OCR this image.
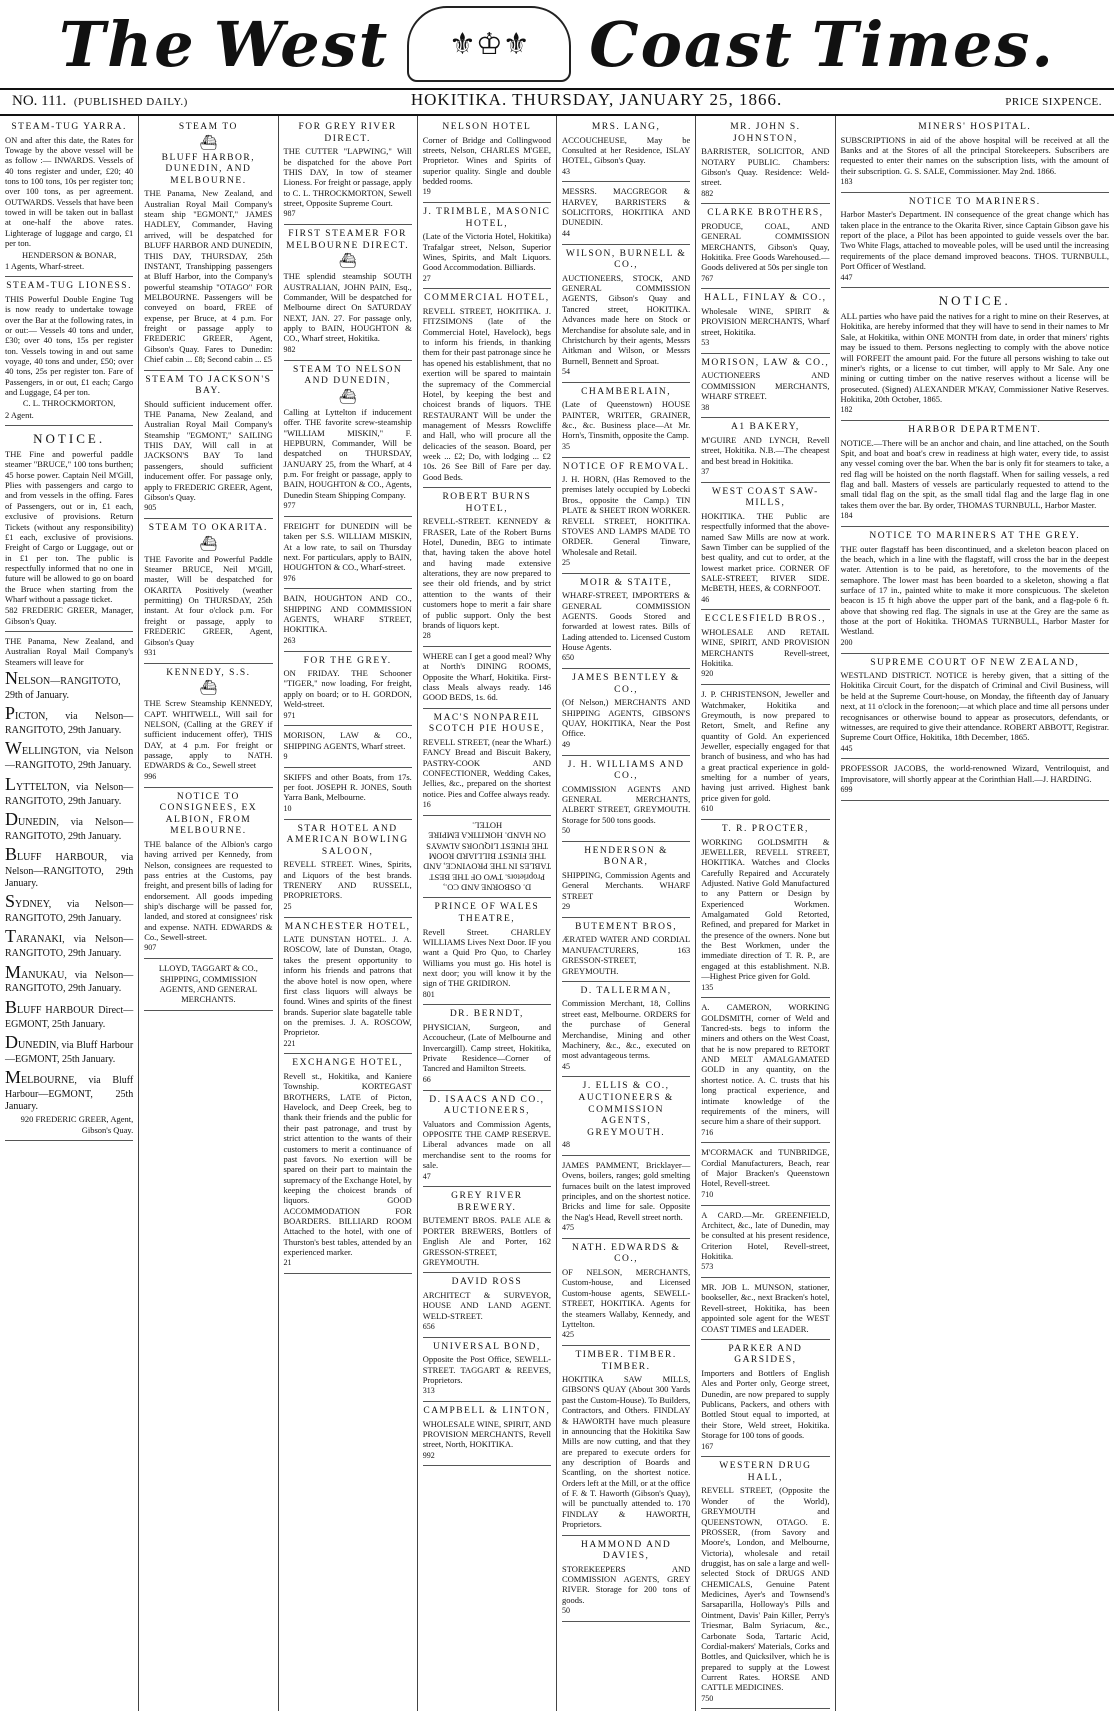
The West	⚜♔⚜ Coast Times.
NO. 111. (PUBLISHED DAILY.)	HOKITIKA. THURSDAY, JANUARY 25, 1866.	PRICE SIXPENCE.
STEAM-TUG YARRA.

ON and after this date, the Rates for Towage by the above vessel will be as follow :— INWARDS. Vessels of 40 tons register and under, £20; 40 tons to 100 tons, 10s per register ton; over 100 tons, as per agreement. OUTWARDS. Vessels that have been towed in will be taken out in ballast at one-half the above rates. Lighterage of luggage and cargo, £1 per ton.

HENDERSON & BONAR,

1 Agents, Wharf-street.

STEAM-TUG LIONESS.

THIS Powerful Double Engine Tug is now ready to undertake towage over the Bar at the following rates, in or out:— Vessels 40 tons and under, £30; over 40 tons, 15s per register ton. Vessels towing in and out same voyage, 40 tons and under, £50; over 40 tons, 25s per register ton. Fare of Passengers, in or out, £1 each; Cargo and Luggage, £4 per ton.

C. L. THROCKMORTON,

2 Agent.

NOTICE.

THE Fine and powerful paddle steamer "BRUCE," 100 tons burthen; 45 horse power. Captain Neil M'Gill, Plies with passengers and cargo to and from vessels in the offing. Fares of Passengers, out or in, £1 each, exclusive of provisions. Return Tickets (without any responsibility) £1 each, exclusive of provisions. Freight of Cargo or Luggage, out or in £1 per ton. The public is respectfully informed that no one in future will be allowed to go on board the Bruce when starting from the Wharf without a passage ticket.

582 FREDERIC GREER, Manager, Gibson's Quay.

THE Panama, New Zealand, and Australian Royal Mail Company's Steamers will leave for

NELSON—RANGITOTO, 29th of January.

PICTON, via Nelson—RANGITOTO, 29th January.

WELLINGTON, via Nelson—RANGITOTO, 29th January.

LYTTELTON, via Nelson—RANGITOTO, 29th January.

DUNEDIN, via Nelson—RANGITOTO, 29th January.

BLUFF HARBOUR, via Nelson—RANGITOTO, 29th January.

SYDNEY, via Nelson—RANGITOTO, 29th January.

TARANAKI, via Nelson—RANGITOTO, 29th January.

MANUKAU, via Nelson—RANGITOTO, 29th January.

BLUFF HARBOUR Direct—EGMONT, 25th January.

DUNEDIN, via Bluff Harbour—EGMONT, 25th January.

MELBOURNE, via Bluff Harbour—EGMONT, 25th January.

920 FREDERIC GREER, Agent, Gibson's Quay.

STEAM TO
⛴
BLUFF HARBOR, DUNEDIN, AND MELBOURNE.

THE Panama, New Zealand, and Australian Royal Mail Company's steam ship "EGMONT," JAMES HADLEY, Commander, Having arrived, will be despatched for BLUFF HARBOR AND DUNEDIN, THIS DAY, THURSDAY, 25th INSTANT, Transhipping passengers at Bluff Harbor, into the Company's powerful steamship "OTAGO" FOR MELBOURNE. Passengers will be conveyed on board, FREE of expense, per Bruce, at 4 p.m. For freight or passage apply to FREDERIC GREER, Agent, Gibson's Quay. Fares to Dunedin: Chief cabin ... £8; Second cabin ... £5

STEAM TO JACKSON'S BAY.

Should sufficient inducement offer. THE Panama, New Zealand, and Australian Royal Mail Company's Steamship "EGMONT," SAILING THIS DAY, Will call in at JACKSON'S BAY To land passengers, should sufficient inducement offer. For passage only, apply to FREDERIC GREER, Agent, Gibson's Quay.

905

STEAM TO OKARITA.
⛴

THE Favorite and Powerful Paddle Steamer BRUCE, Neil M'Gill, master, Will be despatched for OKARITA Positively (weather permitting) On THURSDAY, 25th instant. At four o'clock p.m. For freight or passage, apply to FREDERIC GREER, Agent, Gibson's Quay

931

KENNEDY, S.S.
⛴

THE Screw Steamship KENNEDY, CAPT. WHITWELL, Will sail for NELSON, (Calling at the GREY if sufficient inducement offer), THIS DAY, at 4 p.m. For freight or passage, apply to NATH. EDWARDS & Co., Sewell street

996

NOTICE TO CONSIGNEES, EX ALBION, FROM MELBOURNE.

THE balance of the Albion's cargo having arrived per Kennedy, from Nelson, consignees are requested to pass entries at the Customs, pay freight, and present bills of lading for endorsement. All goods impeding ship's discharge will be passed for, landed, and stored at consignees' risk and expense. NATH. EDWARDS & Co., Sewell-street.

907

LLOYD, TAGGART & CO., SHIPPING, COMMISSION AGENTS, AND GENERAL MERCHANTS.

FOR GREY RIVER DIRECT.

THE CUTTER "LAPWING," Will be dispatched for the above Port THIS DAY, In tow of steamer Lioness. For freight or passage, apply to C. L. THROCKMORTON, Sewell street, Opposite Supreme Court.

987

FIRST STEAMER FOR MELBOURNE DIRECT.
⛴

THE splendid steamship SOUTH AUSTRALIAN, JOHN PAIN, Esq., Commander, Will be despatched for Melbourne direct On SATURDAY NEXT, JAN. 27. For passage only, apply to BAIN, HOUGHTON & CO., Wharf street, Hokitika.

982

STEAM TO NELSON AND DUNEDIN,
⛴

Calling at Lyttelton if inducement offer. THE favorite screw-steamship "WILLIAM MISKIN," F. HEPBURN, Commander, Will be despatched on THURSDAY, JANUARY 25, from the Wharf, at 4 p.m. For freight or passage, apply to BAIN, HOUGHTON & CO., Agents, Dunedin Steam Shipping Company.

977

FREIGHT for DUNEDIN will be taken per S.S. WILLIAM MISKIN, At a low rate, to sail on Thursday next. For particulars, apply to BAIN, HOUGHTON & CO., Wharf-street.

976

BAIN, HOUGHTON AND CO., SHIPPING AND COMMISSION AGENTS, WHARF STREET, HOKITIKA.

263

FOR THE GREY.

ON FRIDAY. THE Schooner "TIGER," now loading, For freight, apply on board; or to H. GORDON, Weld-street.

971

MORISON, LAW & CO., SHIPPING AGENTS, Wharf street.

9

SKIFFS and other Boats, from 17s. per foot. JOSEPH R. JONES, South Yarra Bank, Melbourne.

10

STAR HOTEL AND AMERICAN BOWLING SALOON,

REVELL STREET. Wines, Spirits, and Liquors of the best brands. TRENERY AND RUSSELL, PROPRIETORS.

25

MANCHESTER HOTEL,

LATE DUNSTAN HOTEL. J. A. ROSCOW, late of Dunstan, Otago, takes the present opportunity to inform his friends and patrons that the above hotel is now open, where first class liquors will always be found. Wines and spirits of the finest brands. Superior slate bagatelle table on the premises. J. A. ROSCOW, Proprietor.

221

EXCHANGE HOTEL,

Revell st., Hokitika, and Kaniere Township. KORTEGAST BROTHERS, LATE of Picton, Havelock, and Deep Creek, beg to thank their friends and the public for their past patronage, and trust by strict attention to the wants of their customers to merit a continuance of past favors. No exertion will be spared on their part to maintain the supremacy of the Exchange Hotel, by keeping the choicest brands of liquors. GOOD ACCOMMODATION FOR BOARDERS. BILLIARD ROOM Attached to the hotel, with one of Thurston's best tables, attended by an experienced marker.

21

NELSON HOTEL

Corner of Bridge and Collingwood streets, Nelson, CHARLES M'GEE, Proprietor. Wines and Spirits of superior quality. Single and double bedded rooms.

19

J. TRIMBLE, MASONIC HOTEL,

(Late of the Victoria Hotel, Hokitika) Trafalgar street, Nelson, Superior Wines, Spirits, and Malt Liquors. Good Accommodation. Billiards.

27

COMMERCIAL HOTEL,

REVELL STREET, HOKITIKA. J. FITZSIMONS (late of the Commercial Hotel, Havelock), begs to inform his friends, in thanking them for their past patronage since he has opened his establishment, that no exertion will be spared to maintain the supremacy of the Commercial Hotel, by keeping the best and choicest brands of liquors. THE RESTAURANT Will be under the management of Messrs Rowcliffe and Hall, who will procure all the delicacies of the season. Board, per week ... £2; Do, with lodging ... £2 10s. 26 See Bill of Fare per day. Good Beds.

ROBERT BURNS HOTEL,

REVELL-STREET. KENNEDY & FRASER, Late of the Robert Burns Hotel, Dunedin, BEG to intimate that, having taken the above hotel and having made extensive alterations, they are now prepared to see their old friends, and by strict attention to the wants of their customers hope to merit a fair share of public support. Only the best brands of liquors kept.

28

WHERE can I get a good meal? Why at North's DINING ROOMS, Opposite the Wharf, Hokitika. First-class Meals always ready. 146 GOOD BEDS, 1s. 6d.

MAC'S NONPAREIL SCOTCH PIE HOUSE,

REVELL STREET, (near the Wharf.) FANCY Bread and Biscuit Bakery, PASTRY-COOK AND CONFECTIONER, Wedding Cakes, Jellies, &c., prepared on the shortest notice. Pies and Coffee always ready.

16

D. OSBORNE AND CO., Proprietors. TWO OF THE BEST TABLES IN THE PROVINCE, AND THE FINEST BILLIARD ROOM THE FINEST LIQUORS ALWAYS ON HAND. HOKITIKA EMPIRE HOTEL.

PRINCE OF WALES THEATRE,

Revell Street. CHARLEY WILLIAMS Lives Next Door. IF you want a Quid Pro Quo, to Charley Williams you must go. His hotel is next door; you will know it by the sign of THE GRIDIRON.

801

DR. BERNDT,

PHYSICIAN, Surgeon, and Accoucheur, (Late of Melbourne and Invercargill). Camp street, Hokitika, Private Residence—Corner of Tancred and Hamilton Streets.

66

D. ISAACS AND CO., AUCTIONEERS,

Valuators and Commission Agents, OPPOSITE THE CAMP RESERVE. Liberal advances made on all merchandise sent to the rooms for sale.

47

GREY RIVER BREWERY.

BUTEMENT BROS. PALE ALE & PORTER BREWERS, Bottlers of English Ale and Porter, 162 GRESSON-STREET, GREYMOUTH.

DAVID ROSS

ARCHITECT & SURVEYOR, HOUSE AND LAND AGENT. WELD-STREET.

656

UNIVERSAL BOND,

Opposite the Post Office, SEWELL-STREET. TAGGART & REEVES, Proprietors.

313

CAMPBELL & LINTON,

WHOLESALE WINE, SPIRIT, AND PROVISION MERCHANTS, Revell street, North, HOKITIKA.

992

MRS. LANG,

ACCOUCHEUSE, May be Consulted at her Residence, ISLAY HOTEL, Gibson's Quay.

43

MESSRS. MACGREGOR & HARVEY, BARRISTERS & SOLICITORS, HOKITIKA AND DUNEDIN.

44

WILSON, BURNELL & CO.,

AUCTIONEERS, STOCK, AND GENERAL COMMISSION AGENTS, Gibson's Quay and Tancred street, HOKITIKA. Advances made here on Stock or Merchandise for absolute sale, and in Christchurch by their agents, Messrs Aitkman and Wilson, or Messrs Burnell, Bennett and Sproat.

54

CHAMBERLAIN,

(Late of Queenstown) HOUSE PAINTER, WRITER, GRAINER, &c., &c. Business place—At Mr. Horn's, Tinsmith, opposite the Camp.

35

NOTICE OF REMOVAL.

J. H. HORN, (Has Removed to the premises lately occupied by Lobecki Bros., opposite the Camp.) TIN PLATE & SHEET IRON WORKER. REVELL STREET, HOKITIKA. STOVES AND LAMPS MADE TO ORDER. General Tinware, Wholesale and Retail.

25

MOIR & STAITE,

WHARF-STREET, IMPORTERS & GENERAL COMMISSION AGENTS. Goods Stored and forwarded at lowest rates. Bills of Lading attended to. Licensed Custom House Agents.

650

JAMES BENTLEY & CO.,

(Of Nelson,) MERCHANTS AND SHIPPING AGENTS, GIBSON'S QUAY, HOKITIKA, Near the Post Office.

49

J. H. WILLIAMS AND CO.,

COMMISSION AGENTS AND GENERAL MERCHANTS, ALBERT STREET, GREYMOUTH. Storage for 500 tons goods.

50

HENDERSON & BONAR,

SHIPPING, Commission Agents and General Merchants. WHARF STREET

29

BUTEMENT BROS,

ÆRATED WATER AND CORDIAL MANUFACTURERS, 163 GRESSON-STREET, GREYMOUTH.

D. TALLERMAN,

Commission Merchant, 18, Collins street east, Melbourne. ORDERS for the purchase of General Merchandise, Mining and other Machinery, &c., &c., executed on most advantageous terms.

45

J. ELLIS & CO., AUCTIONEERS & COMMISSION AGENTS, GREYMOUTH.

48

JAMES PAMMENT, Bricklayer—Ovens, boilers, ranges; gold smelting furnaces built on the latest improved principles, and on the shortest notice. Bricks and lime for sale. Opposite the Nag's Head, Revell street north.

475

NATH. EDWARDS & CO.,

OF NELSON, MERCHANTS, Custom-house, and Licensed Custom-house agents, SEWELL-STREET, HOKITIKA. Agents for the steamers Wallaby, Kennedy, and Lyttelton.

425

TIMBER. TIMBER. TIMBER.

HOKITIKA SAW MILLS, GIBSON'S QUAY (About 300 Yards past the Custom-House). To Builders, Contractors, and Others. FINDLAY & HAWORTH have much pleasure in announcing that the Hokitika Saw Mills are now cutting, and that they are prepared to execute orders for any description of Boards and Scantling, on the shortest notice. Orders left at the Mill, or at the office of F. & T. Haworth (Gibson's Quay), will be punctually attended to. 170 FINDLAY & HAWORTH, Proprietors.

HAMMOND AND DAVIES,

STOREKEEPERS AND COMMISSION AGENTS, GREY RIVER. Storage for 200 tons of goods.

50

MR. JOHN S. JOHNSTON,

BARRISTER, SOLICITOR, AND NOTARY PUBLIC. Chambers: Gibson's Quay. Residence: Weld-street.

882

CLARKE BROTHERS,

PRODUCE, COAL, AND GENERAL COMMISSION MERCHANTS, Gibson's Quay, Hokitika. Free Goods Warehoused.—Goods delivered at 50s per single ton

767

HALL, FINLAY & CO.,

Wholesale WINE, SPIRIT & PROVISION MERCHANTS, Wharf street, Hokitika.

53

MORISON, LAW & CO.,

AUCTIONEERS AND COMMISSION MERCHANTS, WHARF STREET.

38

A1 BAKERY,

M'GUIRE AND LYNCH, Revell street, Hokitika. N.B.—The cheapest and best bread in Hokitika.

37

WEST COAST SAW-MILLS,

HOKITIKA. THE Public are respectfully informed that the above-named Saw Mills are now at work. Sawn Timber can be supplied of the best quality, and cut to order, at the lowest market price. CORNER OF SALE-STREET, RIVER SIDE. McBETH, HEES, & CORNFOOT.

46

ECCLESFIELD BROS.,

WHOLESALE AND RETAIL WINE, SPIRIT, AND PROVISION MERCHANTS Revell-street, Hokitika.

920

J. P. CHRISTENSON, Jeweller and Watchmaker, Hokitika and Greymouth, is now prepared to Retort, Smelt, and Refine any quantity of Gold. An experienced Jeweller, especially engaged for that branch of business, and who has had a great practical experience in gold-smelting for a number of years, having just arrived. Highest bank price given for gold.

610

T. R. PROCTER,

WORKING GOLDSMITH & JEWELLER, REVELL STREET, HOKITIKA. Watches and Clocks Carefully Repaired and Accurately Adjusted. Native Gold Manufactured to any Pattern or Design by Experienced Workmen. Amalgamated Gold Retorted, Refined, and prepared for Market in the presence of the owners. None but the Best Workmen, under the immediate direction of T. R. P., are engaged at this establishment. N.B.—Highest Price given for Gold.

135

A. CAMERON, WORKING GOLDSMITH, corner of Weld and Tancred-sts. begs to inform the miners and others on the West Coast, that he is now prepared to RETORT AND MELT AMALGAMATED GOLD in any quantity, on the shortest notice. A. C. trusts that his long practical experience, and intimate knowledge of the requirements of the miners, will secure him a share of their support.

716

M'CORMACK and TUNBRIDGE, Cordial Manufacturers, Beach, rear of Major Bracken's Queenstown Hotel, Revell-street.

710

A CARD.—Mr. GREENFIELD, Architect, &c., late of Dunedin, may be consulted at his present residence, Criterion Hotel, Revell-street, Hokitika.

573

MR. JOB L. MUNSON, stationer, bookseller, &c., next Bracken's hotel, Revell-street, Hokitika, has been appointed sole agent for the WEST COAST TIMES and LEADER.

PARKER AND GARSIDES,

Importers and Bottlers of English Ales and Porter only, George street, Dunedin, are now prepared to supply Publicans, Packers, and others with Bottled Stout equal to imported, at their Store, Weld street, Hokitika. Storage for 100 tons of goods.

167

WESTERN DRUG HALL,

REVELL STREET, (Opposite the Wonder of the World), GREYMOUTH and QUEENSTOWN, OTAGO. E. PROSSER, (from Savory and Moore's, London, and Melbourne, Victoria), wholesale and retail druggist, has on sale a large and well-selected Stock of DRUGS AND CHEMICALS, Genuine Patent Medicines, Ayer's and Townsend's Sarsaparilla, Holloway's Pills and Ointment, Davis' Pain Killer, Perry's Triesmar, Balm Syriacum, &c., Carbonate Soda, Tartaric Acid, Cordial-makers' Materials, Corks and Bottles, and Quicksilver, which he is prepared to supply at the Lowest Current Rates. HORSE AND CATTLE MEDICINES.

750

MINERS' HOSPITAL.

SUBSCRIPTIONS in aid of the above hospital will be received at all the Banks and at the Stores of all the principal Storekeepers. Subscribers are requested to enter their names on the subscription lists, with the amount of their subscription. G. S. SALE, Commissioner. May 2nd. 1866.

183

NOTICE TO MARINERS.

Harbor Master's Department. IN consequence of the great change which has taken place in the entrance to the Okarita River, since Captain Gibson gave his report of the place, a Pilot has been appointed to guide vessels over the bar. Two White Flags, attached to moveable poles, will be used until the increasing requirements of the place demand improved beacons. THOS. TURNBULL, Port Officer of Westland.

447

NOTICE.

ALL parties who have paid the natives for a right to mine on their Reserves, at Hokitika, are hereby informed that they will have to send in their names to Mr Sale, at Hokitika, within ONE MONTH from date, in order that miners' rights may be issued to them. Persons neglecting to comply with the above notice will FORFEIT the amount paid. For the future all persons wishing to take out miner's rights, or a license to cut timber, will apply to Mr Sale. Any one mining or cutting timber on the native reserves without a license will be prosecuted. (Signed) ALEXANDER M'KAY, Commissioner Native Reserves. Hokitika, 20th October, 1865.

182

HARBOR DEPARTMENT.

NOTICE.—There will be an anchor and chain, and line attached, on the South Spit, and boat and boat's crew in readiness at high water, every tide, to assist any vessel coming over the bar. When the bar is only fit for steamers to take, a red flag will be hoisted on the north flagstaff. When for sailing vessels, a red flag and ball. Masters of vessels are particularly requested to attend to the small tidal flag on the spit, as the small tidal flag and the large flag in one takes them over the bar. By order, THOMAS TURNBULL, Harbor Master.

184

NOTICE TO MARINERS AT THE GREY.

THE outer flagstaff has been discontinued, and a skeleton beacon placed on the beach, which in a line with the flagstaff, will cross the bar in the deepest water. Attention is to be paid, as heretofore, to the movements of the semaphore. The lower mast has been boarded to a skeleton, showing a flat surface of 17 in., painted white to make it more conspicuous. The skeleton beacon is 15 ft high above the upper part of the bank, and a flag-pole 6 ft. above that showing red flag. The signals in use at the Grey are the same as those at the port of Hokitika. THOMAS TURNBULL, Harbor Master for Westland.

200

SUPREME COURT OF NEW ZEALAND,

WESTLAND DISTRICT. NOTICE is hereby given, that a sitting of the Hokitika Circuit Court, for the dispatch of Criminal and Civil Business, will be held at the Supreme Court-house, on Monday, the fifteenth day of January next, at 11 o'clock in the forenoon;—at which place and time all persons under recognisances or otherwise bound to appear as prosecutors, defendants, or witnesses, are required to give their attendance. ROBERT ABBOTT, Registrar. Supreme Court Office, Hokitika, 18th December, 1865.

445

PROFESSOR JACOBS, the world-renowned Wizard, Ventriloquist, and Improvisatore, will shortly appear at the Corinthian Hall.—J. HARDING.

699
